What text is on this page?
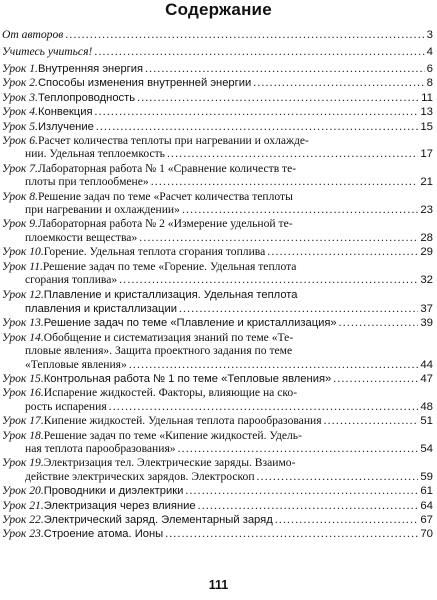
Содержание
От авторов .....	3
Учитесь учиться! .....	4
Урок 1. Внутренняя энергия .....	6
Урок 2. Способы изменения внутренней энергии .....	8
Урок 3. Теплопроводность .....	11
Урок 4. Конвекция .....	13
Урок 5. Излучение .....	15
Урок 6. Расчет количества теплоты при нагревании и охлажде-
нии. Удельная теплоемкость .....	17
Урок 7. Лабораторная работа № 1 «Сравнение количеств те-
плоты при теплообмене» .....	21
Урок 8. Решение задач по теме «Расчет количества теплоты
при нагревании и охлаждении» .....	23
Урок 9. Лабораторная работа № 2 «Измерение удельной те-
плоемкости вещества» .....	28
Урок 10. Горение. Удельная теплота сгорания топлива .....	29
Урок 11. Решение задач по теме «Горение. Удельная теплота
сгорания топлива» .....	32
Урок 12. Плавление и кристаллизация. Удельная теплота
плавления и кристаллизации .....	37
Урок 13. Решение задач по теме «Плавление и кристаллизация» .....	39
Урок 14. Обобщение и систематизация знаний по теме «Те-
пловые явления». Защита проектного задания по теме
«Тепловые явления» .....	44
Урок 15. Контрольная работа № 1 по теме «Тепловые явления» .....	47
Урок 16. Испарение жидкостей. Факторы, влияющие на ско-
рость испарения .....	48
Урок 17. Кипение жидкостей. Удельная теплота парообразования .....	51
Урок 18. Решение задач по теме «Кипение жидкостей. Удель-
ная теплота парообразования» .....	54
Урок 19. Электризация тел. Электрические заряды. Взаимо-
действие электрических зарядов. Электроскоп .....	59
Урок 20. Проводники и диэлектрики .....	61
Урок 21. Электризация через влияние .....	64
Урок 22. Электрический заряд. Элементарный заряд .....	67
Урок 23. Строение атома. Ионы .....	70
111
